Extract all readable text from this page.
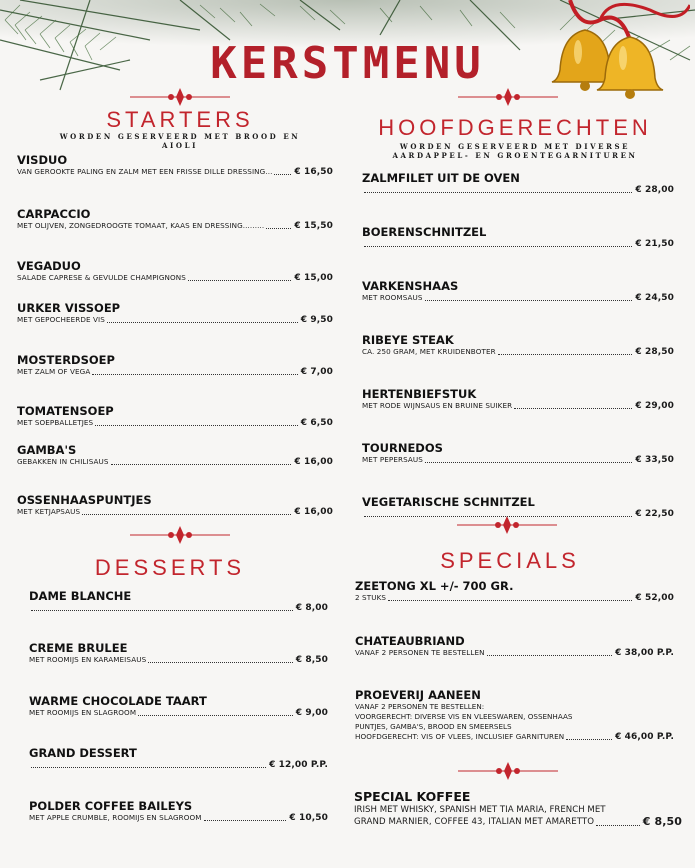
KERSTMENU
STARTERS
WORDEN GESERVEERD MET BROOD EN AIOLI
VISDUO
VAN GEROOKTE PALING EN ZALM MET EEN FRISSE DILLE DRESSING... € 16,50
CARPACCIO
MET OLIJVEN, ZONGEDROOGTE TOMAAT, KAAS EN DRESSING.........	€ 15,50
VEGADUO
SALADE CAPRESE & GEVULDE CHAMPIGNONS	€ 15,00
URKER VISSOEP
MET GEPOCHEERDE VIS	€ 9,50
MOSTERDSOEP
MET ZALM OF VEGA	€ 7,00
TOMATENSOEP
MET SOEPBALLETJES	€ 6,50
GAMBA'S
GEBAKKEN IN CHILISAUS	€ 16,00
OSSENHAASPUNTJES
MET KETJAPSAUS	€ 16,00
DESSERTS
DAME BLANCHE
€ 8,00
CREME BRULEE
MET ROOMIJS EN KARAMEISAUS	€ 8,50
WARME CHOCOLADE TAART
MET ROOMIJS EN SLAGROOM	€ 9,00
GRAND DESSERT
€ 12,00 P.P.
POLDER COFFEE BAILEYS
MET APPLE CRUMBLE, ROOMIJS EN SLAGROOM	€ 10,50
HOOFDGERECHTEN
WORDEN GESERVEERD MET DIVERSE
AARDAPPEL- EN GROENTEGARNITUREN
ZALMFILET UIT DE OVEN
€ 28,00
BOERENSCHNITZEL
€ 21,50
VARKENSHAAS
MET ROOMSAUS	€ 24,50
RIBEYE STEAK
CA. 250 GRAM, MET KRUIDENBOTER	€ 28,50
HERTENBIEFSTUK
MET RODE WIJNSAUS EN BRUINE SUIKER	€ 29,00
TOURNEDOS
MET PEPERSAUS	€ 33,50
VEGETARISCHE SCHNITZEL
€ 22,50
SPECIALS
ZEETONG XL +/- 700 GR.
2 STUKS	€ 52,00
CHATEAUBRIAND
VANAF 2 PERSONEN TE BESTELLEN	€ 38,00 P.P.
PROEVERIJ AANEEN
VANAF 2 PERSONEN TE BESTELLEN:
VOORGERECHT: DIVERSE VIS EN VLEESWAREN, OSSENHAAS
PUNTJES, GAMBA'S, BROOD EN SMEERSELS
HOOFDGERECHT: VIS OF VLEES, INCLUSIEF GARNITUREN	€ 46,00 P.P.
SPECIAL KOFFEE
IRISH MET WHISKY, SPANISH MET TIA MARIA, FRENCH MET
GRAND MARNIER, COFFEE 43, ITALIAN MET AMARETTO	€ 8,50
